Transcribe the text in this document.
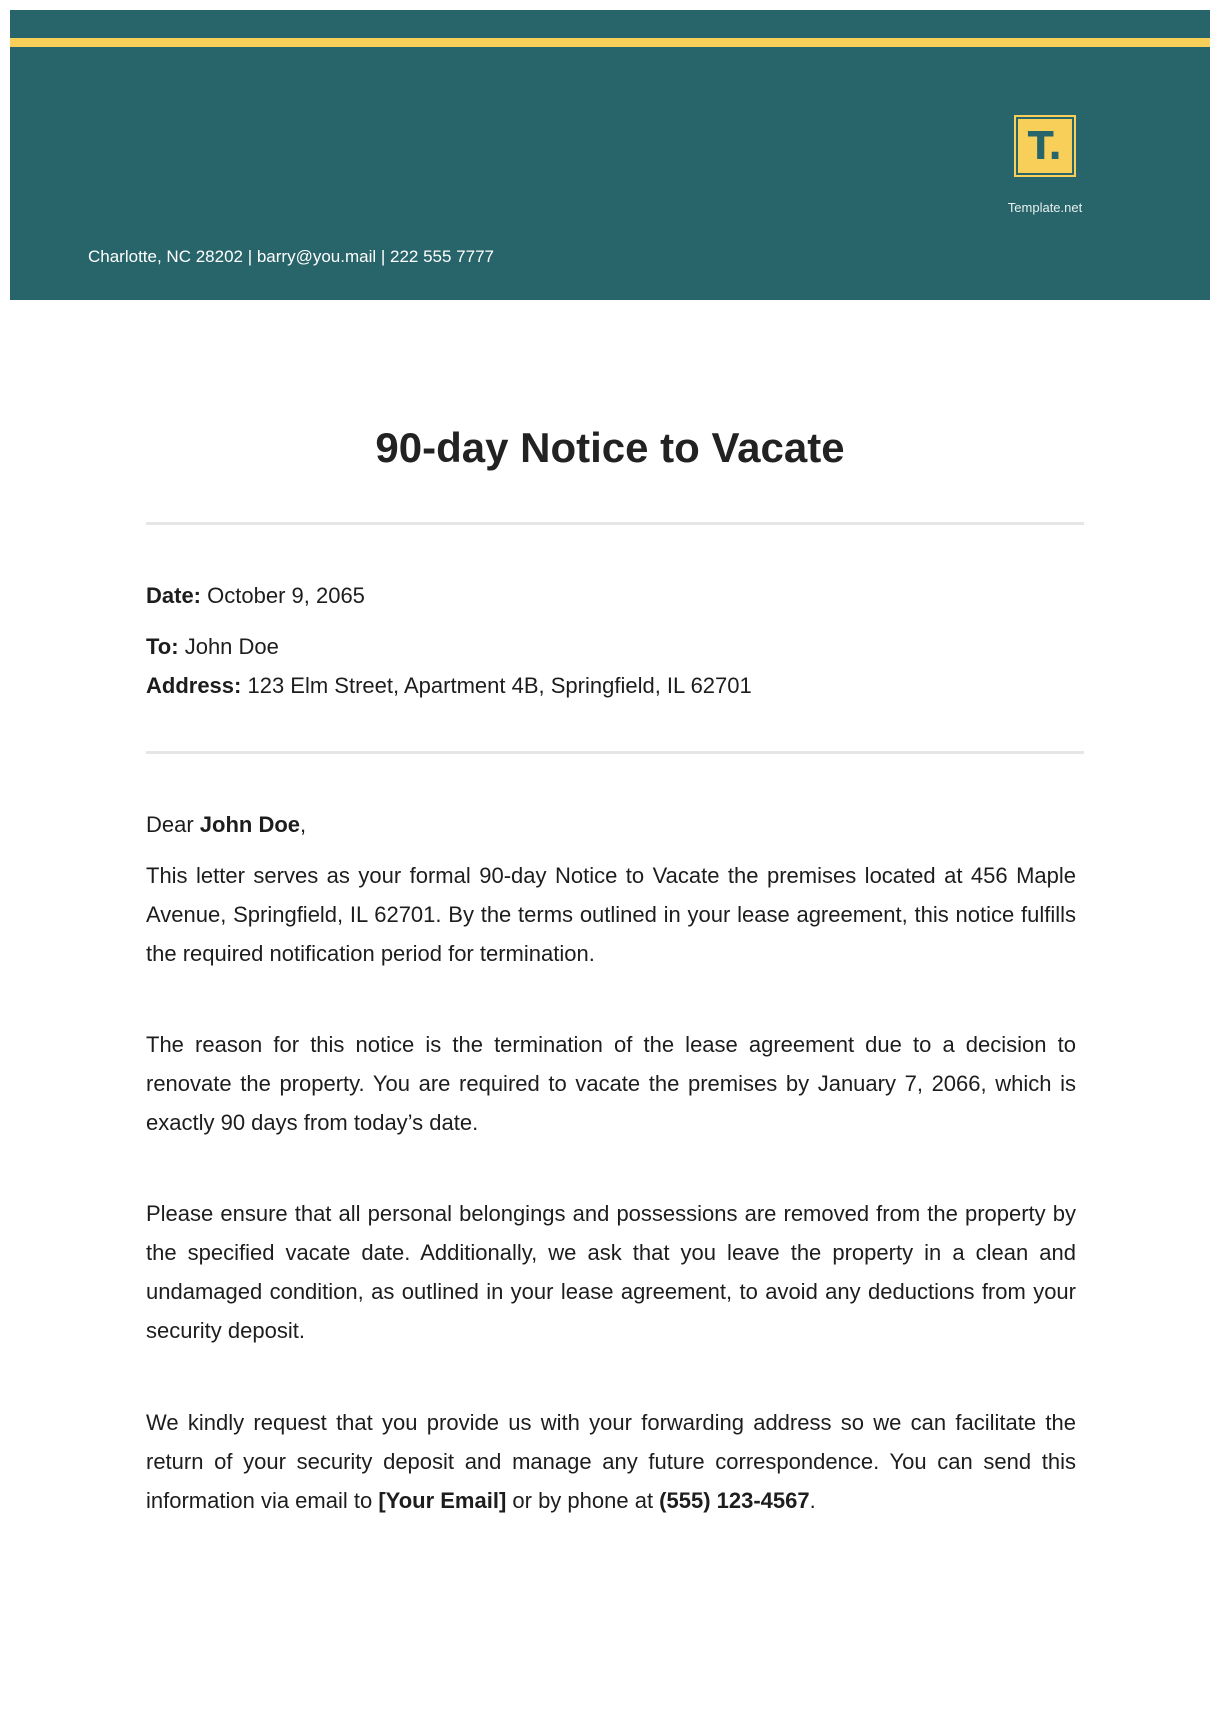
T.
Template.net
Charlotte, NC 28202 | barry@you.mail | 222 555 7777
90-day Notice to Vacate
Date: October 9, 2065
To: John Doe
Address: 123 Elm Street, Apartment 4B, Springfield, IL 62701
Dear John Doe,

This letter serves as your formal 90-day Notice to Vacate the premises located at 456 Maple Avenue, Springfield, IL 62701. By the terms outlined in your lease agreement, this notice fulfills the required notification period for termination.

The reason for this notice is the termination of the lease agreement due to a decision to renovate the property. You are required to vacate the premises by January 7, 2066, which is exactly 90 days from today’s date.

Please ensure that all personal belongings and possessions are removed from the property by the specified vacate date. Additionally, we ask that you leave the property in a clean and undamaged condition, as outlined in your lease agreement, to avoid any deductions from your security deposit.

We kindly request that you provide us with your forwarding address so we can facilitate the return of your security deposit and manage any future correspondence. You can send this information via email to [Your Email] or by phone at (555) 123-4567.
